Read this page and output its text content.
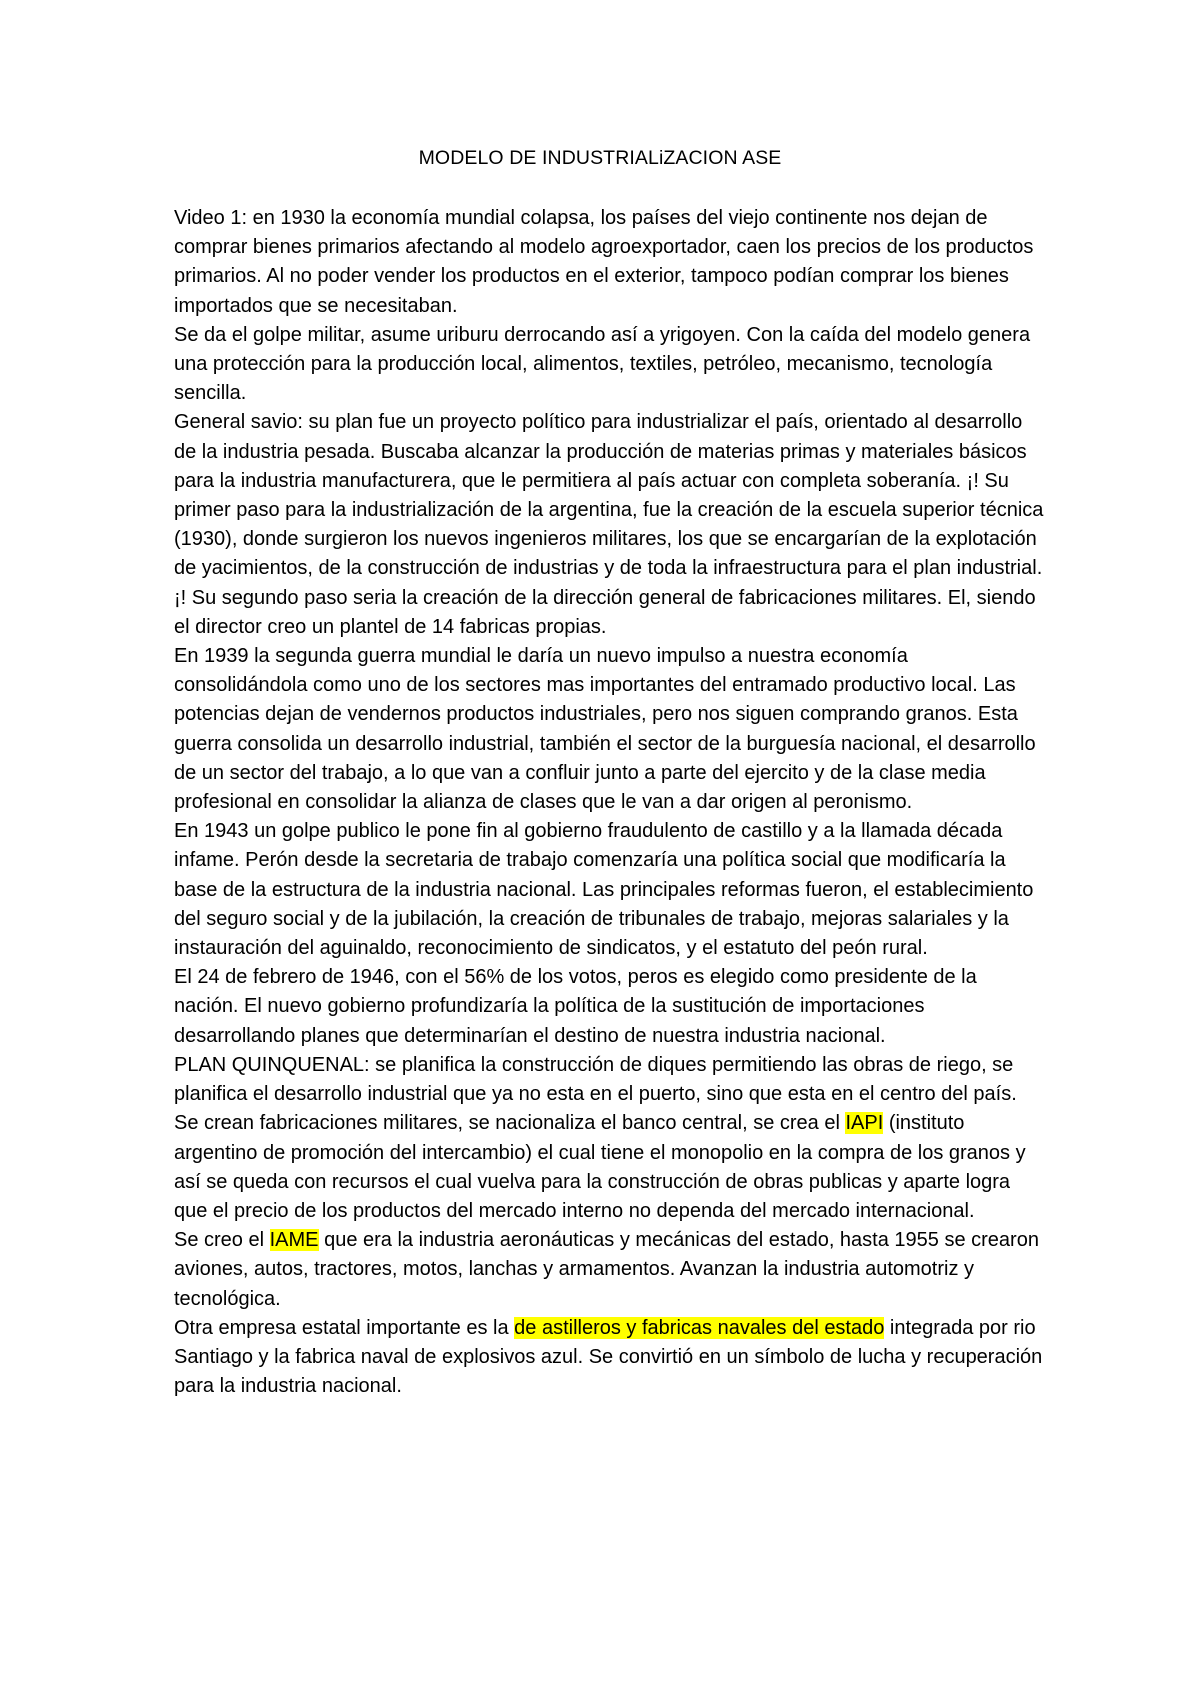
MODELO DE INDUSTRIALiZACION ASE

Video 1: en 1930 la economía mundial colapsa, los países del viejo continente nos dejan de comprar bienes primarios afectando al modelo agroexportador, caen los precios de los productos primarios. Al no poder vender los productos en el exterior, tampoco podían comprar los bienes importados que se necesitaban.

Se da el golpe militar, asume uriburu derrocando así a yrigoyen. Con la caída del modelo genera una protección para la producción local, alimentos, textiles, petróleo, mecanismo, tecnología sencilla.

General savio: su plan fue un proyecto político para industrializar el país, orientado al desarrollo de la industria pesada. Buscaba alcanzar la producción de materias primas y materiales básicos para la industria manufacturera, que le permitiera al país actuar con completa soberanía. ¡! Su primer paso para la industrialización de la argentina, fue la creación de la escuela superior técnica (1930), donde surgieron los nuevos ingenieros militares, los que se encargarían de la explotación de yacimientos, de la construcción de industrias y de toda la infraestructura para el plan industrial. ¡! Su segundo paso seria la creación de la dirección general de fabricaciones militares. El, siendo el director creo un plantel de 14 fabricas propias.

En 1939 la segunda guerra mundial le daría un nuevo impulso a nuestra economía consolidándola como uno de los sectores mas importantes del entramado productivo local. Las potencias dejan de vendernos productos industriales, pero nos siguen comprando granos. Esta guerra consolida un desarrollo industrial, también el sector de la burguesía nacional, el desarrollo de un sector del trabajo, a lo que van a confluir junto a parte del ejercito y de la clase media profesional en consolidar la alianza de clases que le van a dar origen al peronismo.

En 1943 un golpe publico le pone fin al gobierno fraudulento de castillo y a la llamada década infame. Perón desde la secretaria de trabajo comenzaría una política social que modificaría la base de la estructura de la industria nacional. Las principales reformas fueron, el establecimiento del seguro social y de la jubilación, la creación de tribunales de trabajo, mejoras salariales y la instauración del aguinaldo, reconocimiento de sindicatos, y el estatuto del peón rural.

El 24 de febrero de 1946, con el 56% de los votos, peros es elegido como presidente de la nación. El nuevo gobierno profundizaría la política de la sustitución de importaciones desarrollando planes que determinarían el destino de nuestra industria nacional.

PLAN QUINQUENAL: se planifica la construcción de diques permitiendo las obras de riego, se planifica el desarrollo industrial que ya no esta en el puerto, sino que esta en el centro del país. Se crean fabricaciones militares, se nacionaliza el banco central, se crea el IAPI (instituto argentino de promoción del intercambio) el cual tiene el monopolio en la compra de los granos y así se queda con recursos el cual vuelva para la construcción de obras publicas y aparte logra que el precio de los productos del mercado interno no dependa del mercado internacional.

Se creo el IAME que era la industria aeronáuticas y mecánicas del estado, hasta 1955 se crearon aviones, autos, tractores, motos, lanchas y armamentos. Avanzan la industria automotriz y tecnológica.

Otra empresa estatal importante es la de astilleros y fabricas navales del estado integrada por rio Santiago y la fabrica naval de explosivos azul. Se convirtió en un símbolo de lucha y recuperación para la industria nacional.
